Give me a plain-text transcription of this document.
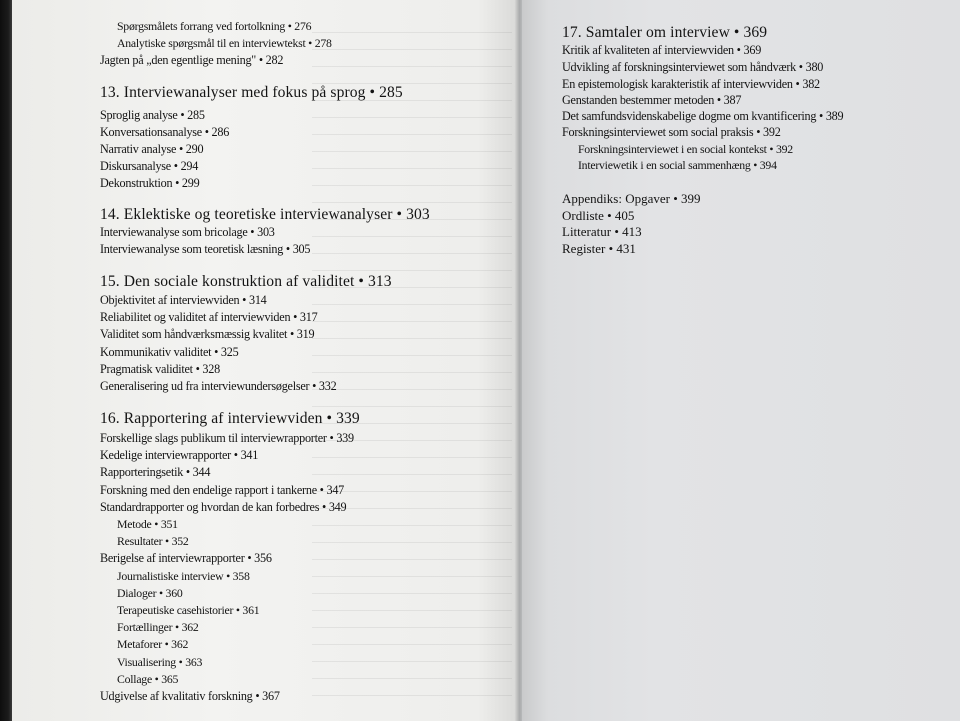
Spørgsmålets forrang ved fortolkning • 276
Analytiske spørgsmål til en interviewtekst • 278
Jagten på „den egentlige mening" • 282
13. Interviewanalyser med fokus på sprog • 285
Sproglig analyse • 285
Konversationsanalyse • 286
Narrativ analyse • 290
Diskursanalyse • 294
Dekonstruktion • 299
14. Eklektiske og teoretiske interviewanalyser • 303
Interviewanalyse som bricolage • 303
Interviewanalyse som teoretisk læsning • 305
15. Den sociale konstruktion af validitet • 313
Objektivitet af interviewviden • 314
Reliabilitet og validitet af interviewviden • 317
Validitet som håndværksmæssig kvalitet • 319
Kommunikativ validitet • 325
Pragmatisk validitet • 328
Generalisering ud fra interviewundersøgelser • 332
16. Rapportering af interviewviden • 339
Forskellige slags publikum til interviewrapporter • 339
Kedelige interviewrapporter • 341
Rapporteringsetik • 344
Forskning med den endelige rapport i tankerne • 347
Standardrapporter og hvordan de kan forbedres • 349
Metode • 351
Resultater • 352
Berigelse af interviewrapporter • 356
Journalistiske interview • 358
Dialoger • 360
Terapeutiske casehistorier • 361
Fortællinger • 362
Metaforer • 362
Visualisering • 363
Collage • 365
Udgivelse af kvalitativ forskning • 367
17. Samtaler om interview • 369
Kritik af kvaliteten af interviewviden • 369
Udvikling af forskningsinterviewet som håndværk • 380
En epistemologisk karakteristik af interviewviden • 382
Genstanden bestemmer metoden • 387
Det samfundsvidenskabelige dogme om kvantificering • 389
Forskningsinterviewet som social praksis • 392
Forskningsinterviewet i en social kontekst • 392
Interviewetik i en social sammenhæng • 394
Appendiks: Opgaver • 399
Ordliste • 405
Litteratur • 413
Register • 431
